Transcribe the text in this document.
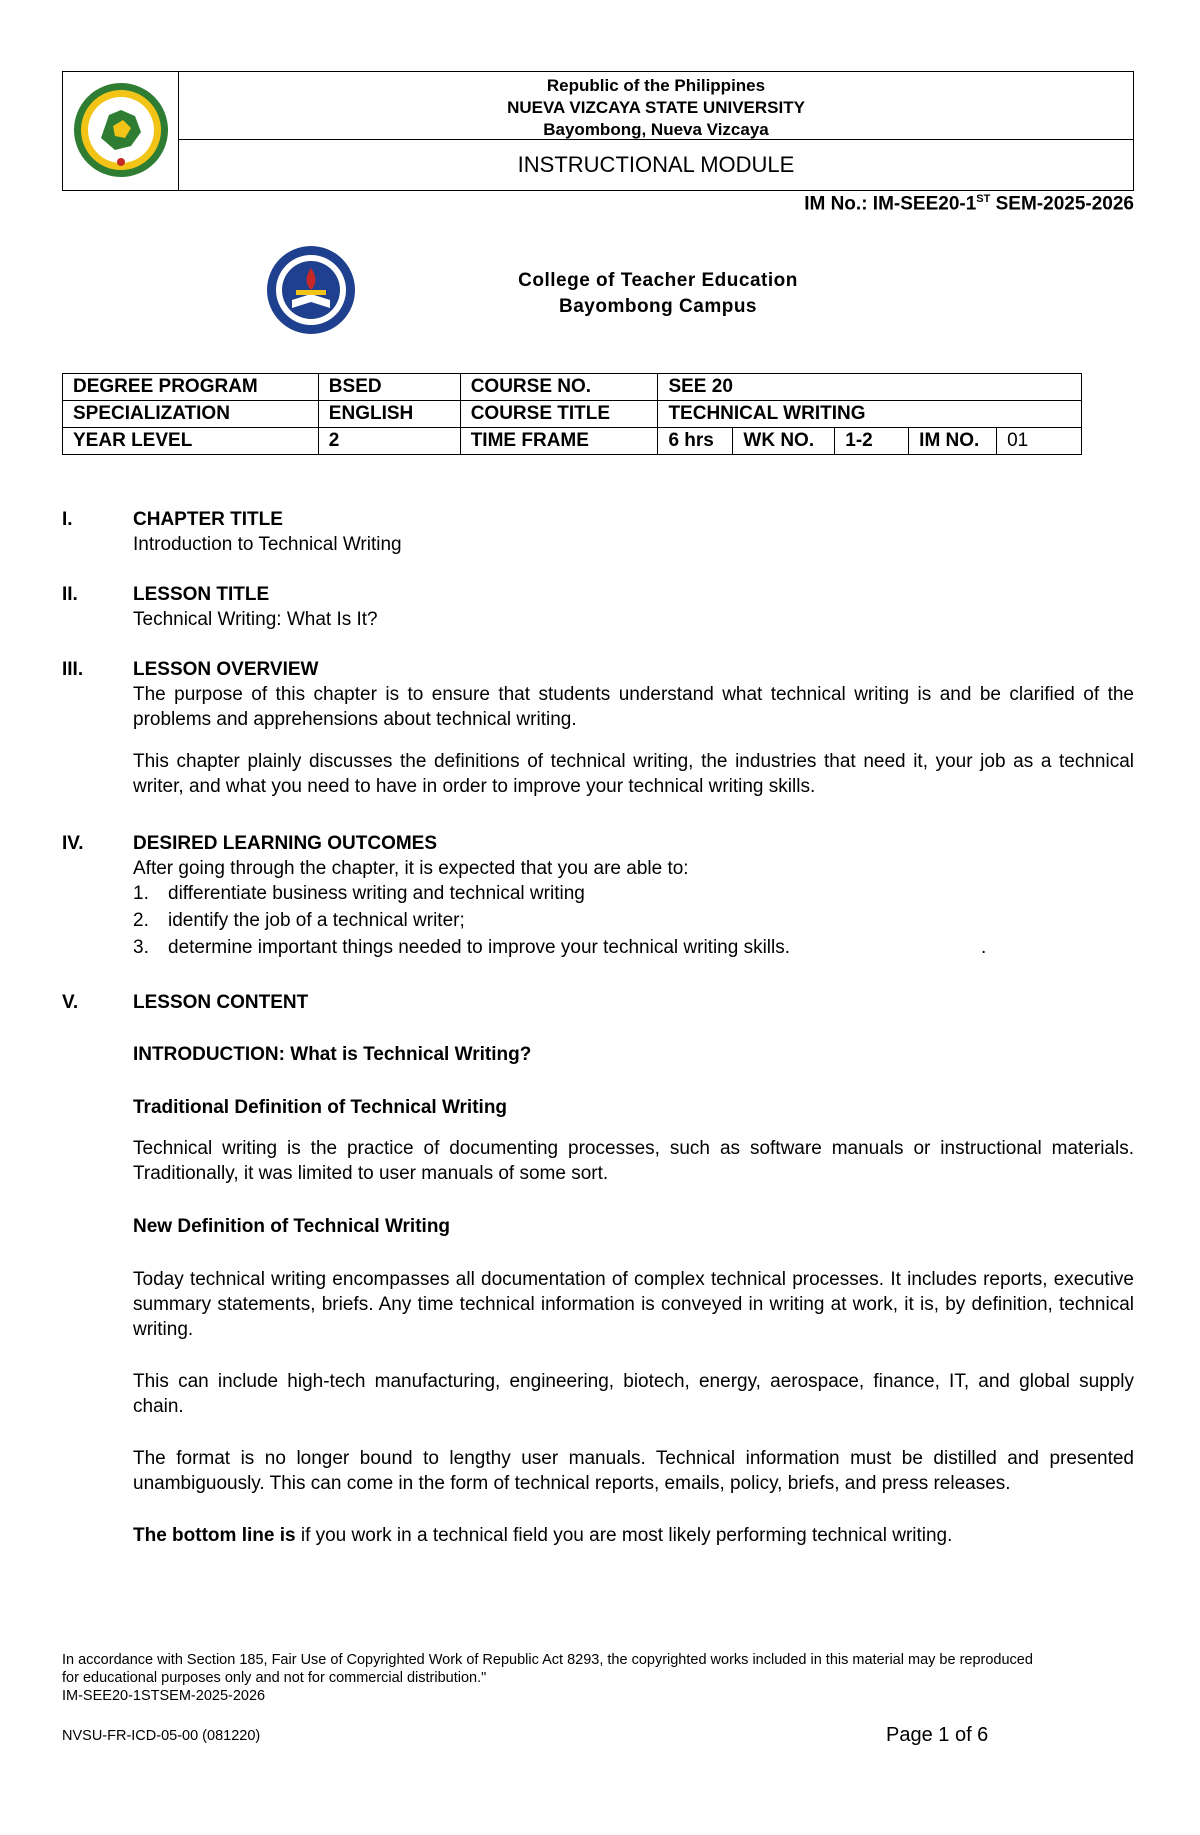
Republic of the Philippines
NUEVA VIZCAYA STATE UNIVERSITY
Bayombong, Nueva Vizcaya
INSTRUCTIONAL MODULE
IM No.: IM-SEE20-1ST SEM-2025-2026
College of Teacher Education
Bayombong Campus
DEGREE PROGRAM	BSED	COURSE NO.	SEE 20				
SPECIALIZATION	ENGLISH	COURSE TITLE	TECHNICAL WRITING				
YEAR LEVEL	2	TIME FRAME	6 hrs	WK NO.	1-2	IM NO.	01
I.	CHAPTER TITLE
Introduction to Technical Writing
II.	LESSON TITLE
Technical Writing: What Is It?
III.	LESSON OVERVIEW

The purpose of this chapter is to ensure that students understand what technical writing is and be clarified of the problems and apprehensions about technical writing.

This chapter plainly discusses the definitions of technical writing, the industries that need it, your job as a technical writer, and what you need to have in order to improve your technical writing skills.

IV.	DESIRED LEARNING OUTCOMES
After going through the chapter, it is expected that you are able to:
1. differentiate business writing and technical writing
2. identify the job of a technical writer;
3. determine important things needed to improve your technical writing skills.	.
V.	LESSON CONTENT
INTRODUCTION: What is Technical Writing?
Traditional Definition of Technical Writing

Technical writing is the practice of documenting processes, such as software manuals or instructional materials. Traditionally, it was limited to user manuals of some sort.

New Definition of Technical Writing

Today technical writing encompasses all documentation of complex technical processes. It includes reports, executive summary statements, briefs. Any time technical information is conveyed in writing at work, it is, by definition, technical writing.

This can include high-tech manufacturing, engineering, biotech, energy, aerospace, finance, IT, and global supply chain.

The format is no longer bound to lengthy user manuals. Technical information must be distilled and presented unambiguously. This can come in the form of technical reports, emails, policy, briefs, and press releases.

The bottom line is if you work in a technical field you are most likely performing technical writing.

In accordance with Section 185, Fair Use of Copyrighted Work of Republic Act 8293, the copyrighted works included in this material may be reproduced
for educational purposes only and not for commercial distribution."
IM-SEE20-1STSEM-2025-2026
NVSU-FR-ICD-05-00 (081220)	Page 1 of 6
